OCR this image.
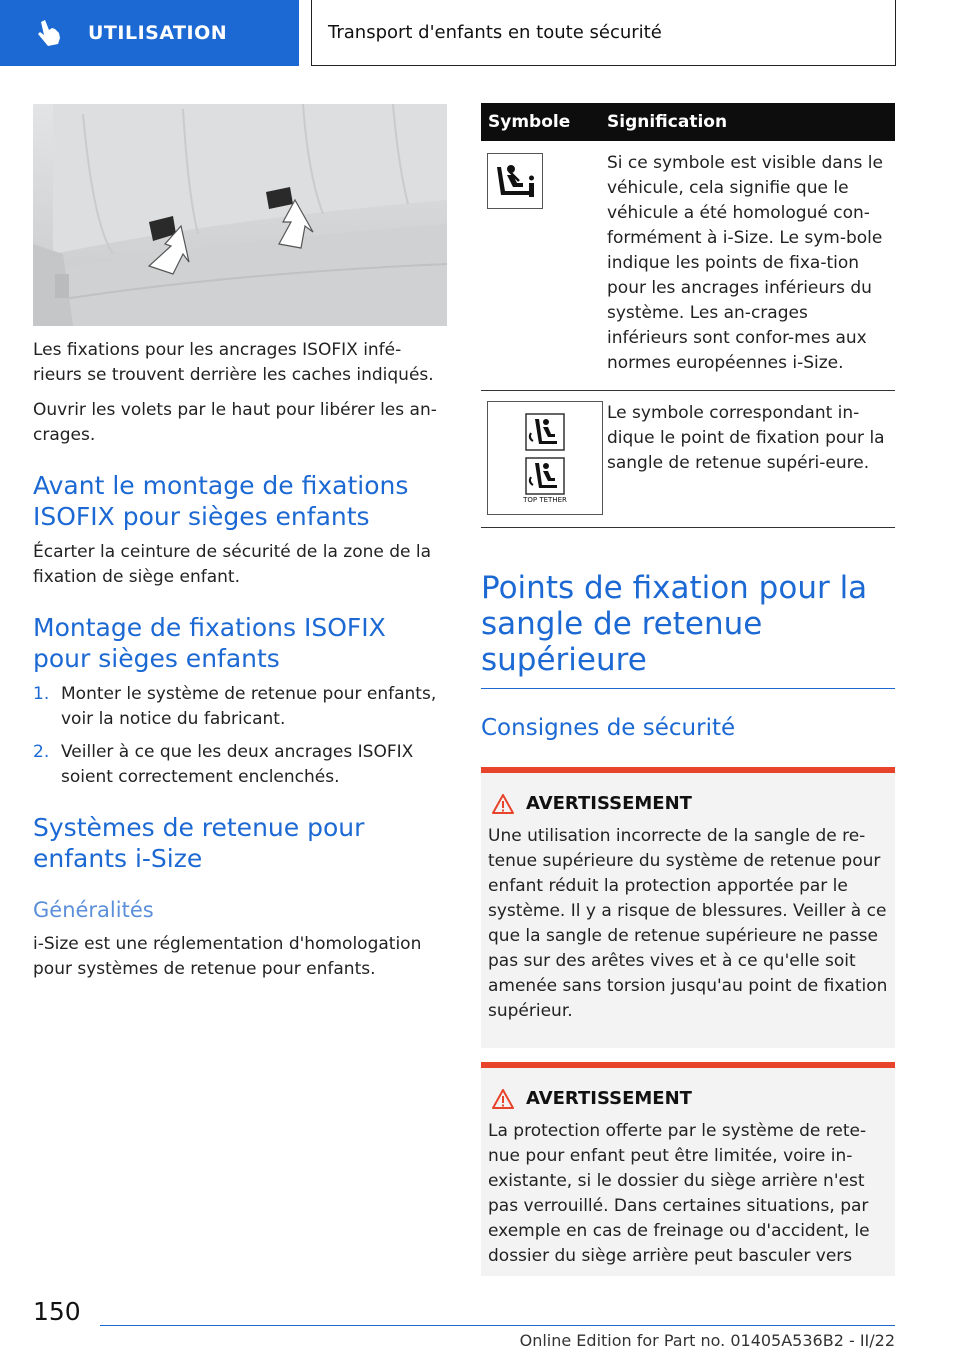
UTILISATION	Transport d'enfants en toute sécurité

Les fixations pour les ancrages ISOFIX infé-rieurs se trouvent derrière les caches indiqués.

Ouvrir les volets par le haut pour libérer les an-crages.

Avant le montage de fixations ISOFIX pour sièges enfants

Écarter la ceinture de sécurité de la zone de la fixation de siège enfant.

Montage de fixations ISOFIX pour sièges enfants
1. Monter le système de retenue pour enfants, voir la notice du fabricant.
2. Veiller à ce que les deux ancrages ISOFIX soient correctement enclenchés.
Systèmes de retenue pour enfants i-Size
Généralités

i-Size est une réglementation d'homologation pour systèmes de retenue pour enfants.

Symbole	Signification
Si ce symbole est visible dans le véhicule, cela signifie que le véhicule a été homologué con-formément à i-Size. Le sym-bole indique les points de fixa-tion pour les ancrages inférieurs du système. Les an-crages inférieurs sont confor-mes aux normes européennes i-Size.
TOP TETHER
Le symbole correspondant in-dique le point de fixation pour la sangle de retenue supéri-eure.
Points de fixation pour la sangle de retenue supérieure
Consignes de sécurité
AVERTISSEMENT
Une utilisation incorrecte de la sangle de re-tenue supérieure du système de retenue pour enfant réduit la protection apportée par le système. Il y a risque de blessures. Veiller à ce que la sangle de retenue supérieure ne passe pas sur des arêtes vives et à ce qu'elle soit amenée sans torsion jusqu'au point de fixation supérieur.
AVERTISSEMENT
La protection offerte par le système de rete-nue pour enfant peut être limitée, voire in-existante, si le dossier du siège arrière n'est pas verrouillé. Dans certaines situations, par exemple en cas de freinage ou d'accident, le dossier du siège arrière peut basculer vers
150
Online Edition for Part no. 01405A536B2 - II/22
